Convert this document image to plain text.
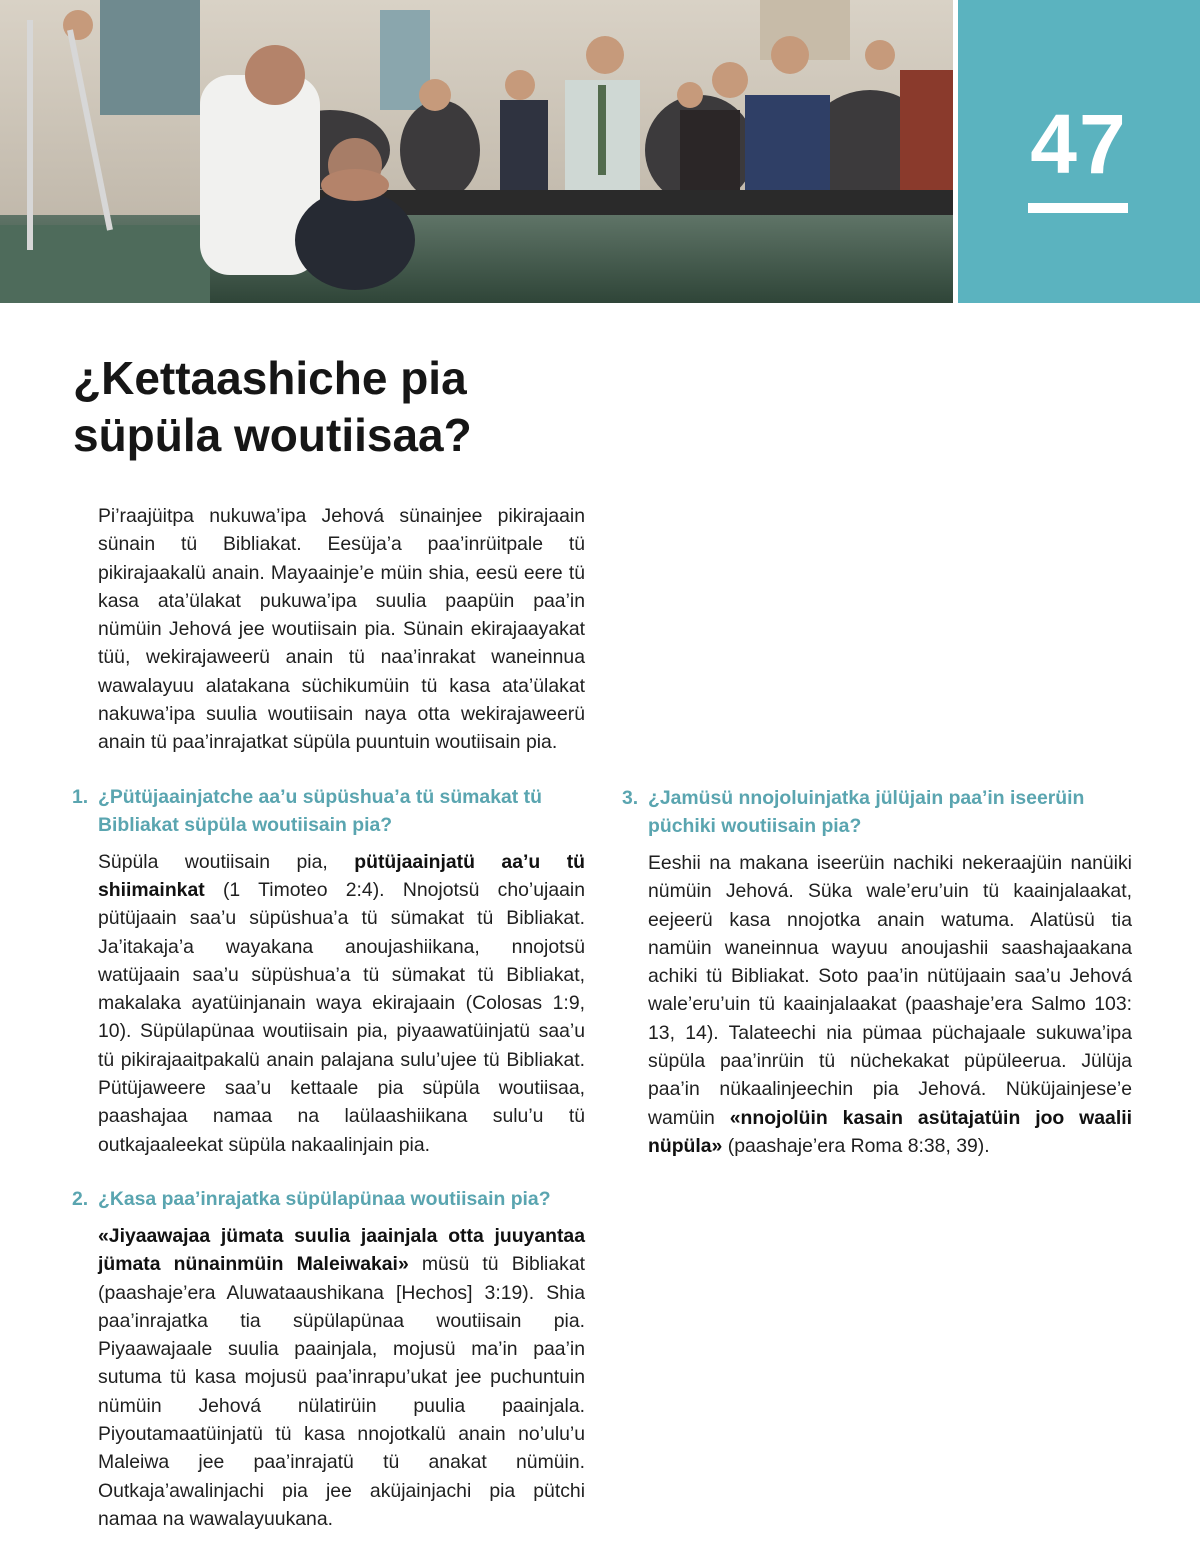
47
¿Kettaashiche pia
süpüla woutiisaa?

Pi’raajüitpa nukuwa’ipa Jehová sünainjee pikirajaain sünain tü Bibliakat. Eesüja’a paa’inrüitpale tü pikirajaakalü anain. Mayaainje’e müin shia, eesü eere tü kasa ata’ülakat pukuwa’ipa suulia paapüin paa’in nümüin Jehová jee woutiisain pia. Sünain ekirajaayakat tüü, wekirajaweerü anain tü naa’inrakat waneinnua wawalayuu alatakana süchikumüin tü kasa ata’ülakat nakuwa’ipa suulia woutiisain naya otta wekirajaweerü anain tü paa’inrajatkat süpüla puuntuin woutiisain pia.

1. ¿Pütüjaainjatche aa’u süpüshua’a tü sümakat tü Bibliakat süpüla woutiisain pia?

Süpüla woutiisain pia, pütüjaainjatü aa’u tü shiimainkat (1 Timoteo 2:4). Nnojotsü cho’ujaain pütüjaain saa’u süpüshua’a tü sümakat tü Bibliakat. Ja’itakaja’a wayakana anoujashiikana, nnojotsü watüjaain saa’u süpüshua’a tü sümakat tü Bibliakat, makalaka ayatüinjanain waya ekirajaain (Colosas 1:9, 10). Süpülapünaa woutiisain pia, piyaawatüinjatü saa’u tü pikirajaaitpakalü anain palajana sulu’ujee tü Bibliakat. Pütüjaweere saa’u kettaale pia süpüla woutiisaa, paashajaa namaa na laülaashiikana sulu’u tü outkajaaleekat süpüla nakaalinjain pia.

2. ¿Kasa paa’inrajatka süpülapünaa woutiisain pia?

«Jiyaawajaa jümata suulia jaainjala otta juuyantaa jümata nünainmüin Maleiwakai» müsü tü Bibliakat (paashaje’era Aluwataaushikana [Hechos] 3:19). Shia paa’inrajatka tia süpülapünaa woutiisain pia. Piyaawajaale suulia paainjala, mojusü ma’in paa’in sutuma tü kasa mojusü paa’inrapu’ukat jee puchuntuin nümüin Jehová nülatirüin puulia paainjala. Piyoutamaatüinjatü tü kasa nnojotkalü anain no’ulu’u Maleiwa jee paa’inrajatü tü anakat nümüin. Outkaja’awalinjachi pia jee aküjainjachi pia pütchi namaa na wawalayuukana.

3. ¿Jamüsü nnojoluinjatka jülüjain paa’in iseerüin püchiki woutiisain pia?

Eeshii na makana iseerüin nachiki nekeraajüin nanüiki nümüin Jehová. Süka wale’eru’uin tü kaainjalaakat, eejeerü kasa nnojotka anain watuma. Alatüsü tia namüin waneinnua wayuu anoujashii saashajaakana achiki tü Bibliakat. Soto paa’in nütüjaain saa’u Jehová wale’eru’uin tü kaainjalaakat (paashaje’era Salmo 103: 13, 14). Talateechi nia pümaa püchajaale sukuwa’ipa süpüla paa’inrüin tü nüchekakat püpüleerua. Jülüja paa’in nükaalinjeechin pia Jehová. Nüküjainjese’e wamüin «nnojolüin kasain asütajatüin joo waalii nüpüla» (paashaje’era Roma 8:38, 39).
